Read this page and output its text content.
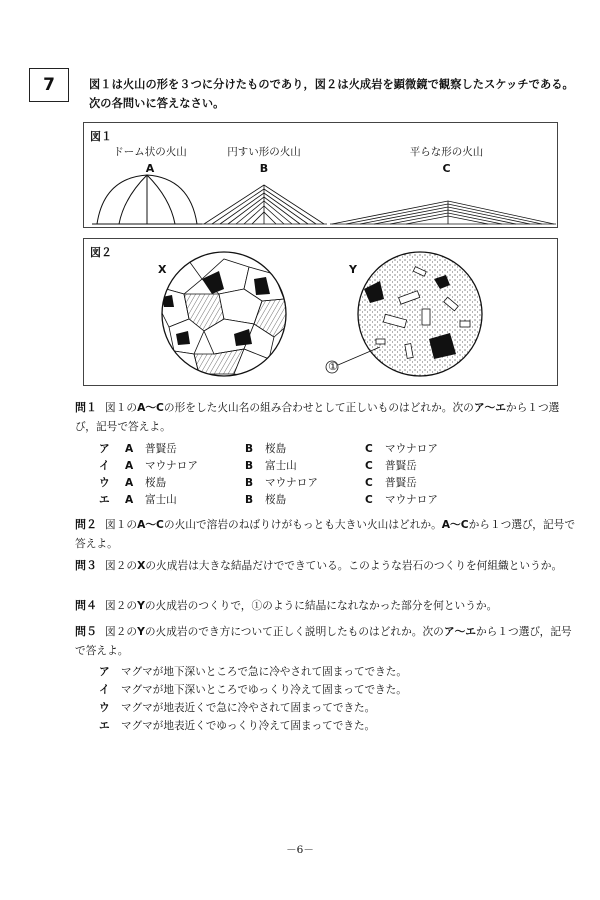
7	図１は火山の形を３つに分けたものであり，図２は火成岩を顕微鏡で観察したスケッチである。次の各問いに答えなさい。
図１
ドーム状の火山
A
円すい形の火山
B
平らな形の火山
C
図２
X	Y
①
問１ 図１のA～Cの形をした火山名の組み合わせとして正しいものはどれか。次のア～エから１つ選び，記号で答えよ。
ア	A	普賢岳	B	桜島	C	マウナロア
イ	A	マウナロア	B	富士山	C	普賢岳
ウ	A	桜島	B	マウナロア	C	普賢岳
エ	A	富士山	B	桜島	C	マウナロア
問２ 図１のA～Cの火山で溶岩のねばりけがもっとも大きい火山はどれか。A～Cから１つ選び，記号で答えよ。
問３ 図２のXの火成岩は大きな結晶だけでできている。このような岩石のつくりを何組織というか。
問４ 図２のYの火成岩のつくりで，①のように結晶になれなかった部分を何というか。
問５ 図２のYの火成岩のでき方について正しく説明したものはどれか。次のア～エから１つ選び，記号で答えよ。
ア マグマが地下深いところで急に冷やされて固まってできた。
イ マグマが地下深いところでゆっくり冷えて固まってできた。
ウ マグマが地表近くで急に冷やされて固まってできた。
エ マグマが地表近くでゆっくり冷えて固まってできた。
－6－
